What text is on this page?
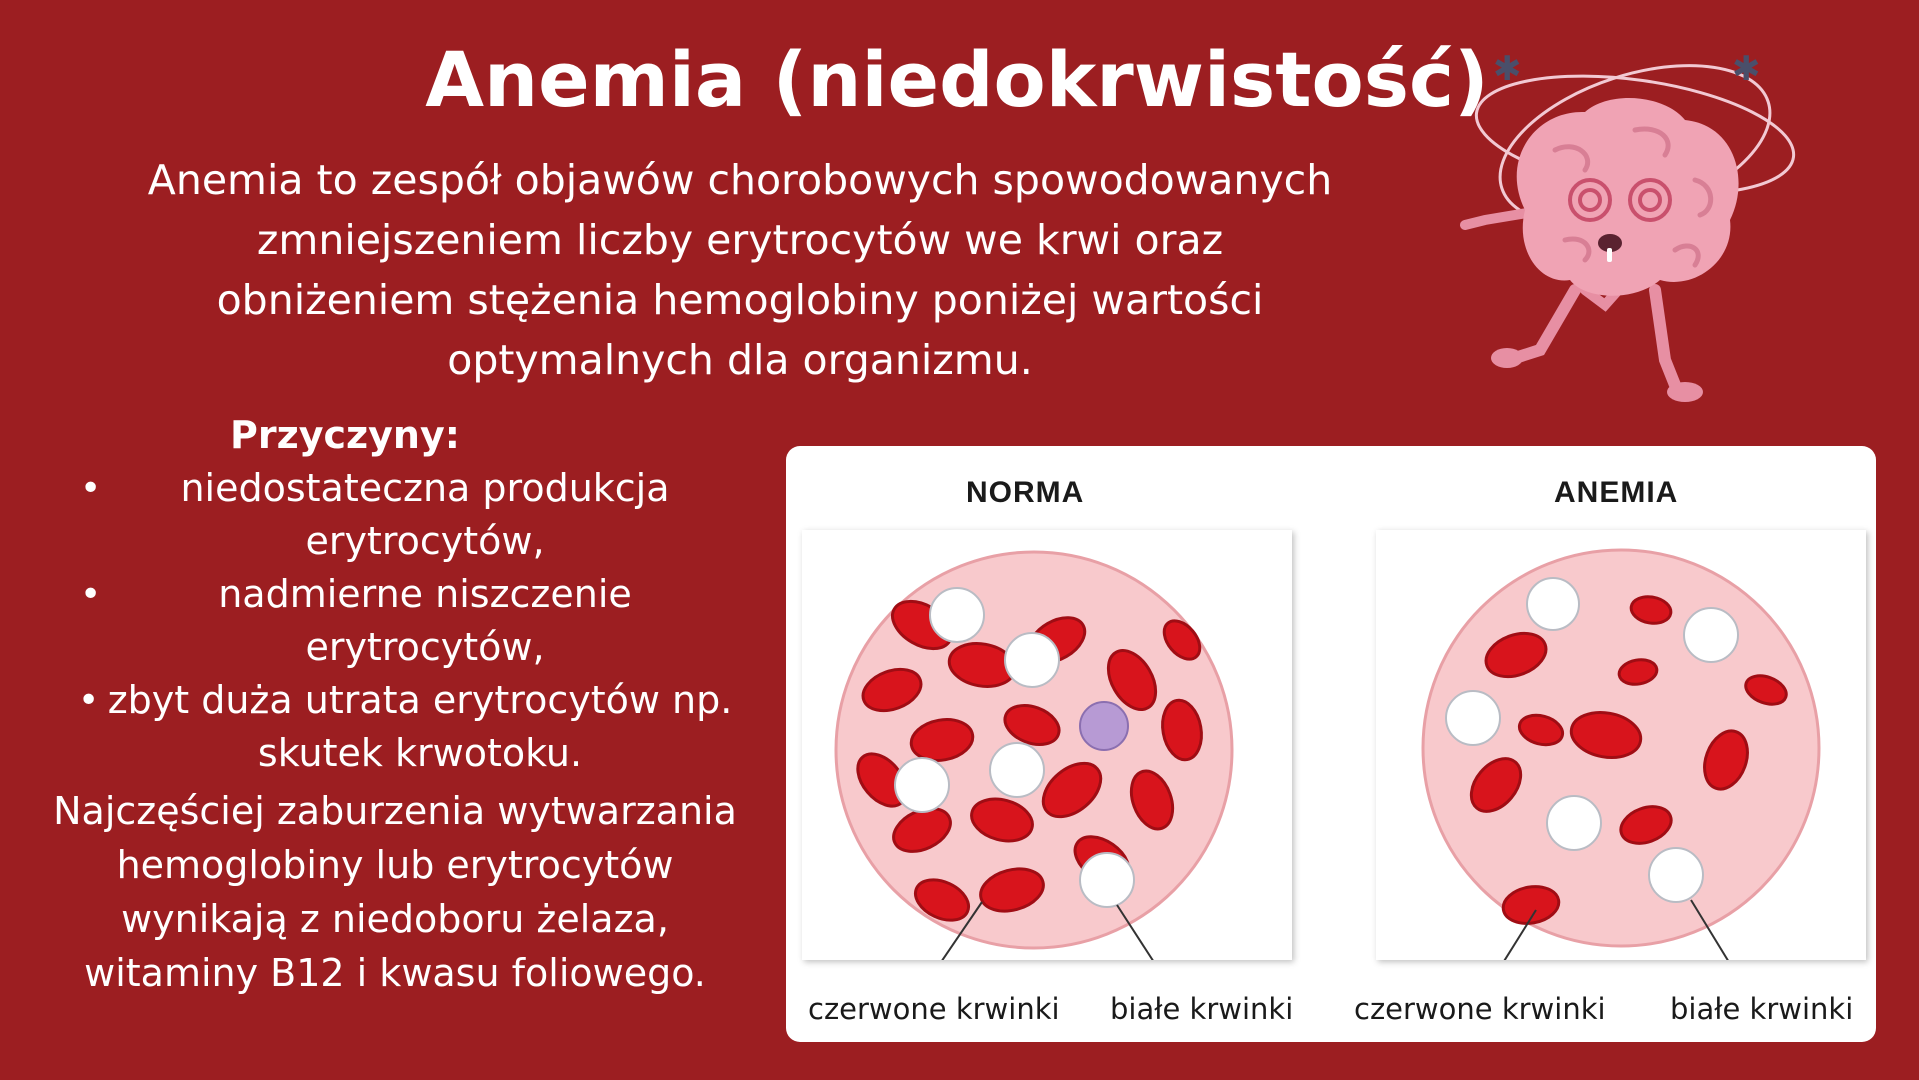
Anemia (niedokrwistość)

Anemia to zespół objawów chorobowych spowodowanych zmniejszeniem liczby erytrocytów we krwi oraz obniżeniem stężenia hemoglobiny poniżej wartości optymalnych dla organizmu.

Przyczyny:
• niedostateczna produkcja erytrocytów,
•	nadmierne niszczenie erytrocytów,
• zbyt duża utrata erytrocytów np. skutek krwotoku.

Najczęściej zaburzenia wytwarzania hemoglobiny lub erytrocytów wynikają z niedoboru żelaza, witaminy B12 i kwasu foliowego.

✱	✱
NORMA	ANEMIA
czerwone krwinki białe krwinki czerwone krwinki białe krwinki
